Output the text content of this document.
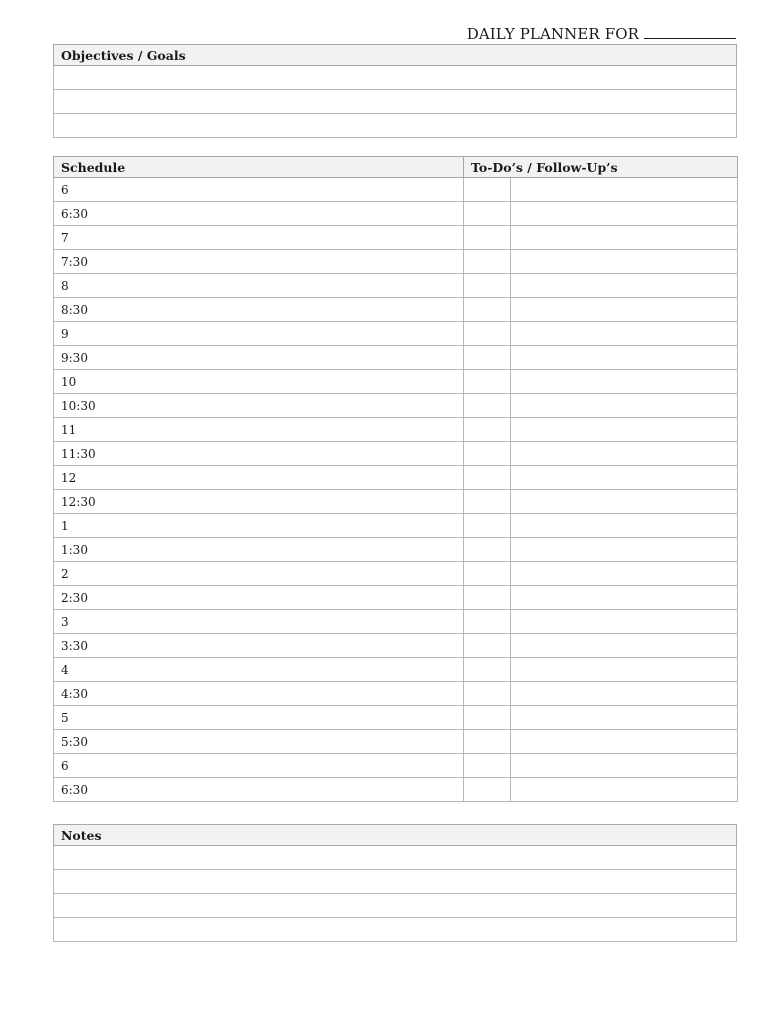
DAILY PLANNER FOR
Objectives / Goals

Schedule	To-Do’s / Follow-Up’s	
6		
6:30		
7		
7:30		
8		
8:30		
9		
9:30		
10		
10:30		
11		
11:30		
12		
12:30		
1		
1:30		
2		
2:30		
3		
3:30		
4		
4:30		
5		
5:30		
6		
6:30		
Notes
